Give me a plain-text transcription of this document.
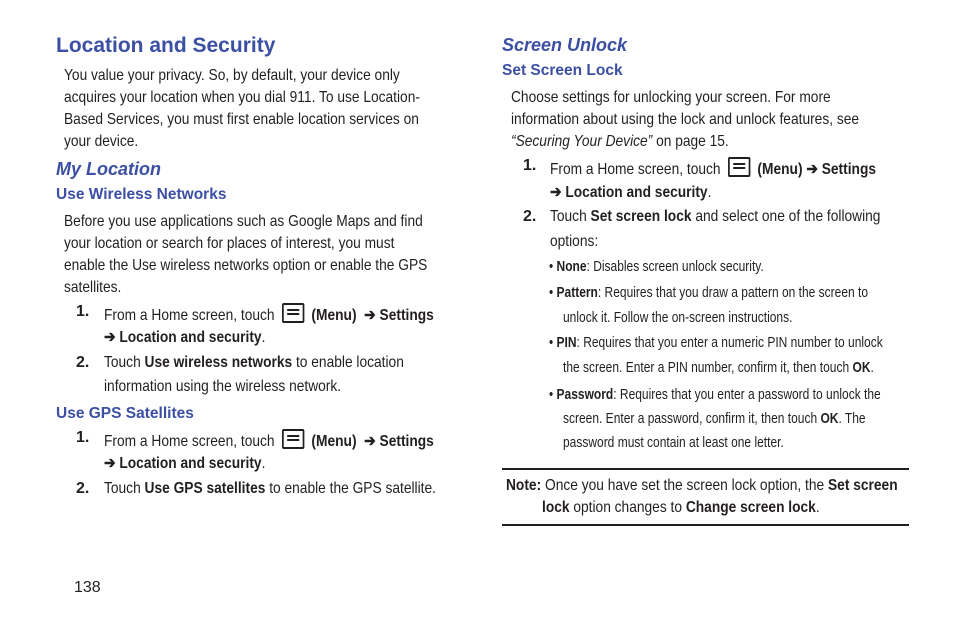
Location and Security
You value your privacy. So, by default, your device only
acquires your location when you dial 911. To use Location-
Based Services, you must first enable location services on
your device.
My Location
Use Wireless Networks
Before you use applications such as Google Maps and find
your location or search for places of interest, you must
enable the Use wireless networks option or enable the GPS
satellites.
1. From a Home screen, touch (Menu) ➔ Settings
➔ Location and security.
2. Touch Use wireless networks to enable location
information using the wireless network.
Use GPS Satellites
1. From a Home screen, touch (Menu) ➔ Settings
➔ Location and security.
2. Touch Use GPS satellites to enable the GPS satellite.
138
Screen Unlock
Set Screen Lock
Choose settings for unlocking your screen. For more
information about using the lock and unlock features, see
“Securing Your Device” on page 15.
1. From a Home screen, touch (Menu) ➔ Settings
➔ Location and security.
2. Touch Set screen lock and select one of the following
options:
• None: Disables screen unlock security.
• Pattern: Requires that you draw a pattern on the screen to
unlock it. Follow the on-screen instructions.
• PIN: Requires that you enter a numeric PIN number to unlock
the screen. Enter a PIN number, confirm it, then touch OK.
• Password: Requires that you enter a password to unlock the
screen. Enter a password, confirm it, then touch OK. The
password must contain at least one letter.
Note: Once you have set the screen lock option, the Set screen
lock option changes to Change screen lock.
